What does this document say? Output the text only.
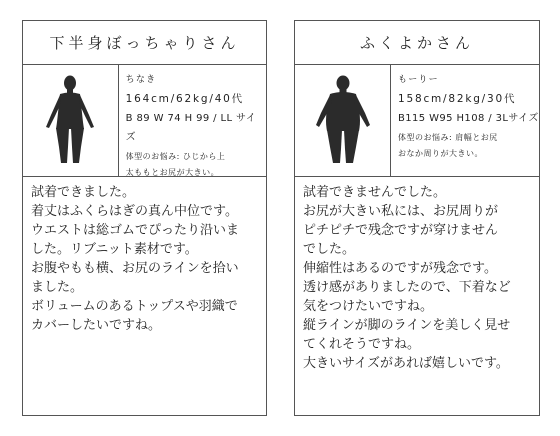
下半身ぼっちゃりさん
ちなき
164cm/62kg/40代
B 89 W 74 H 99 / LL サイズ
体型のお悩み: ひじから上
太ももとお尻が大きい。
試着できました。
着丈はふくらはぎの真ん中位です。
ウエストは総ゴムでぴったり沿いま
した。リブニット素材です。
お腹やもも横、お尻のラインを拾い
ました。
ボリュームのあるトップスや羽織で
カバーしたいですね。
ふくよかさん
もーりー
158cm/82kg/30代
B115 W95 H108 / 3Lサイズ
体型のお悩み: 肩幅とお尻
おなか周りが大きい。
試着できませんでした。
お尻が大きい私には、お尻周りが
ピチピチで残念ですが穿けません
でした。
伸縮性はあるのですが残念です。
透け感がありましたので、下着など
気をつけたいですね。
縦ラインが脚のラインを美しく見せ
てくれそうですね。
大きいサイズがあれば嬉しいです。
